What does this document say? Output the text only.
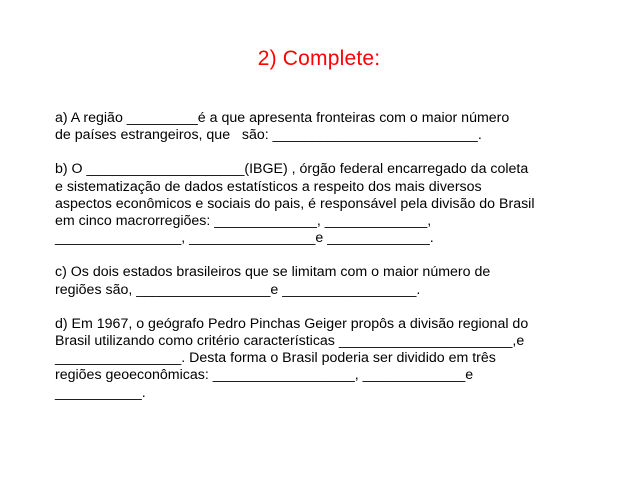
2) Complete:
a) A região _________é a que apresenta fronteiras com o maior número
de países estrangeiros, que   são: __________________________.
b) O ____________________(IBGE) , órgão federal encarregado da coleta
e sistematização de dados estatísticos a respeito dos mais diversos
aspectos econômicos e sociais do pais, é responsável pela divisão do Brasil
em cinco macrorregiões: _____________, _____________,
________________, ________________e _____________.
c) Os dois estados brasileiros que se limitam com o maior número de
regiões são, _________________e _________________.
d) Em 1967, o geógrafo Pedro Pinchas Geiger propôs a divisão regional do
Brasil utilizando como critério características ______________________,e
________________. Desta forma o Brasil poderia ser dividido em três
regiões geoeconômicas: __________________, _____________e
___________.
